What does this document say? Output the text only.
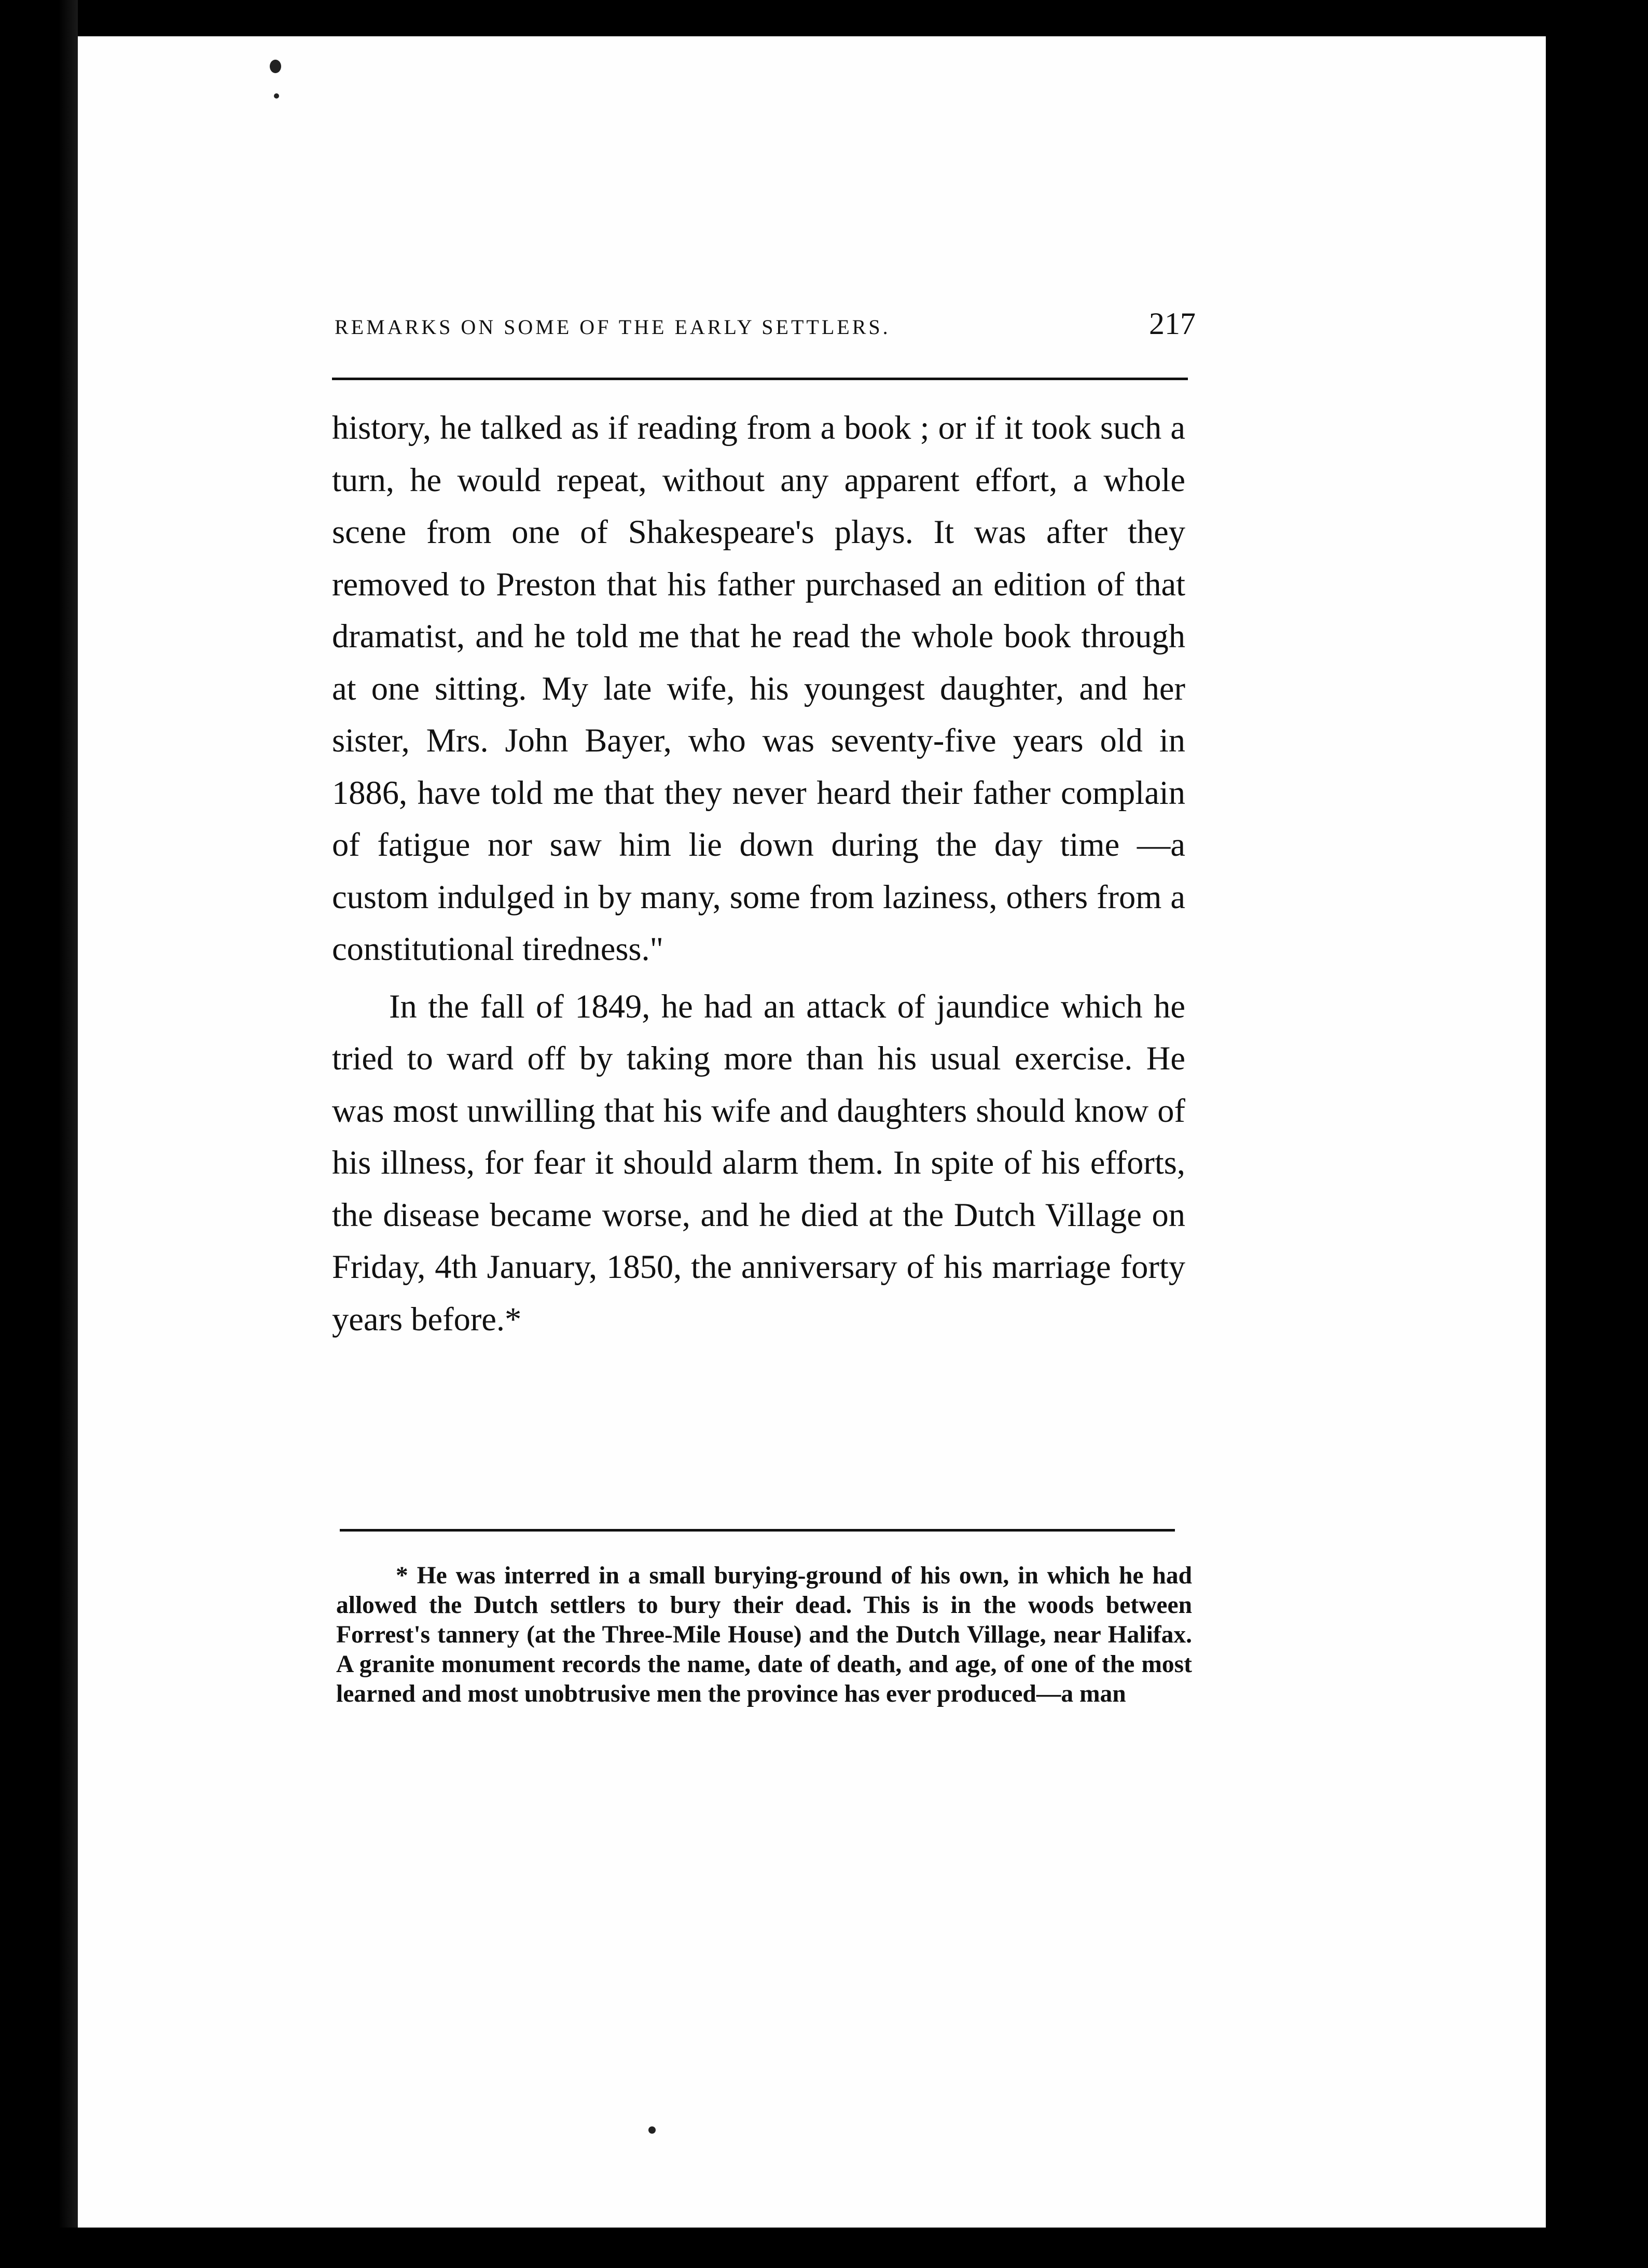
REMARKS ON SOME OF THE EARLY SETTLERS.	217

history, he talked as if reading from a book ; or if it took such a turn, he would repeat, without any apparent effort, a whole scene from one of Shakespeare's plays. It was after they removed to Preston that his father purchased an edition of that dramatist, and he told me that he read the whole book through at one sitting. My late wife, his youngest daughter, and her sister, Mrs. John Bayer, who was seventy-five years old in 1886, have told me that they never heard their father complain of fatigue nor saw him lie down during the day time —a custom indulged in by many, some from laziness, others from a constitutional tiredness."

In the fall of 1849, he had an attack of jaundice which he tried to ward off by taking more than his usual exercise. He was most unwilling that his wife and daughters should know of his illness, for fear it should alarm them. In spite of his efforts, the disease became worse, and he died at the Dutch Village on Friday, 4th January, 1850, the anniversary of his marriage forty years before.*

* He was interred in a small burying-ground of his own, in which he had allowed the Dutch settlers to bury their dead. This is in the woods between Forrest's tannery (at the Three-Mile House) and the Dutch Village, near Halifax. A granite monument records the name, date of death, and age, of one of the most learned and most unobtrusive men the province has ever produced—a man
